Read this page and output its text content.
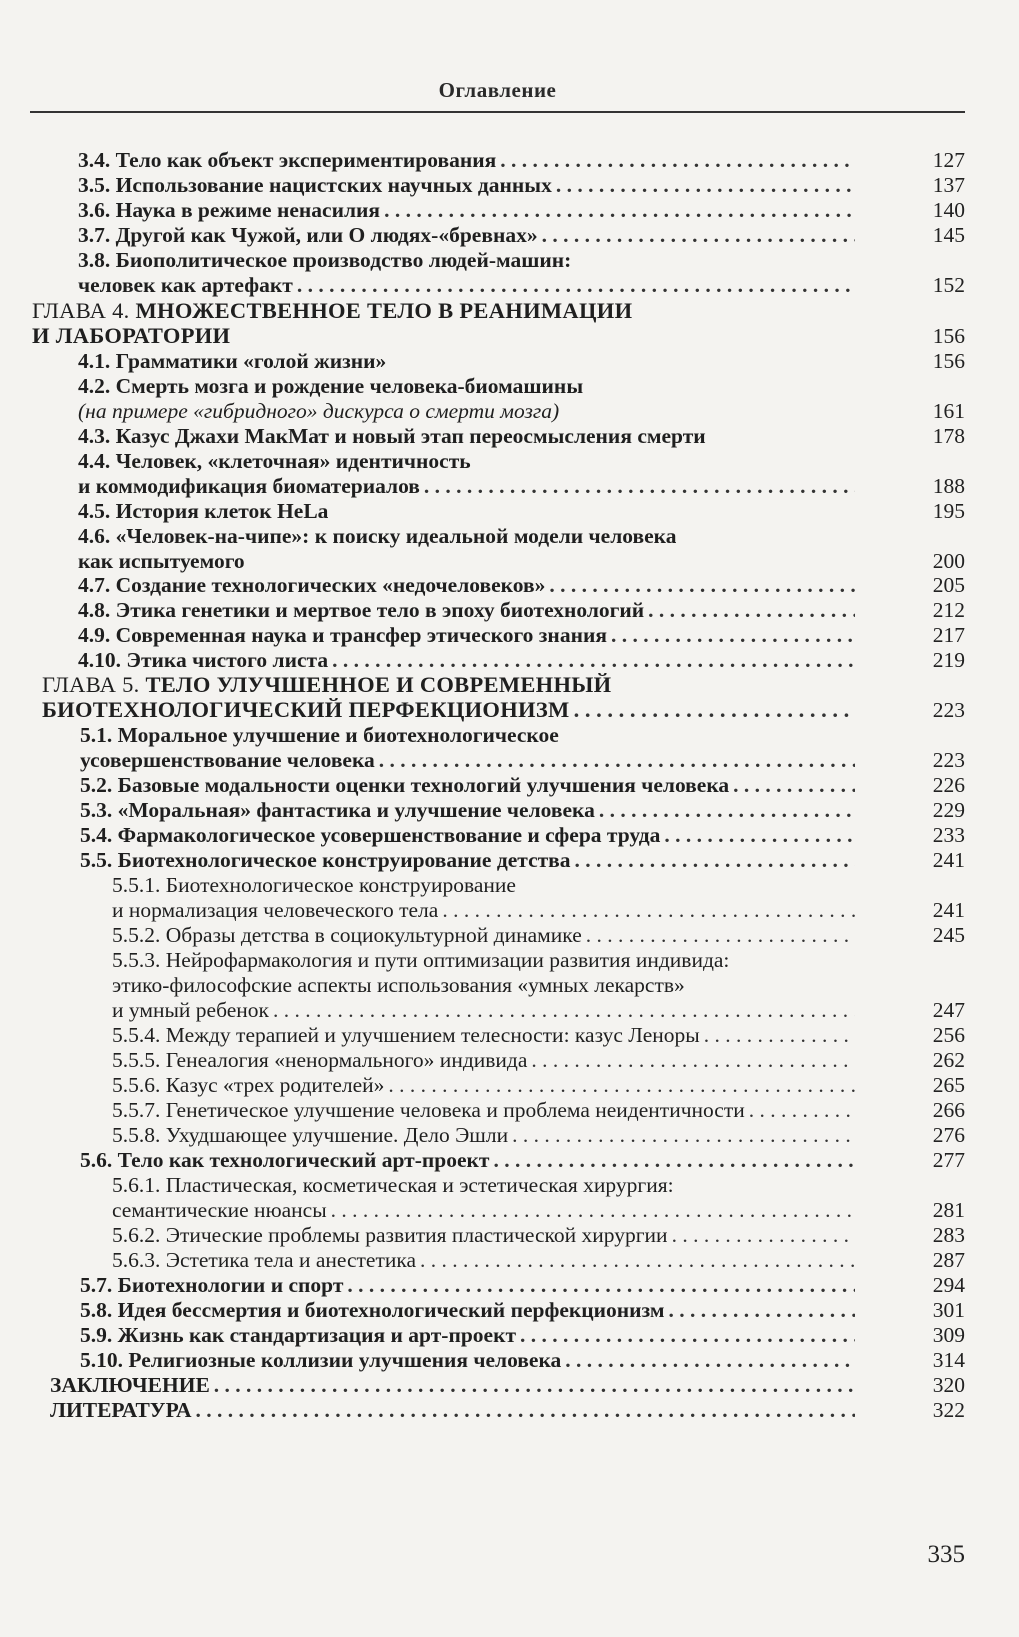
Оглавление
3.4. Тело как объект экспериментирования . . .	127
3.5. Использование нацистских научных данных . . .	137
3.6. Наука в режиме ненасилия . . .	140
3.7. Другой как Чужой, или О людях-«бревнах» . . .	145
3.8. Биополитическое производство людей-машин:
человек как артефакт . . .	152
ГЛАВА 4. МНОЖЕСТВЕННОЕ ТЕЛО В РЕАНИМАЦИИ
И ЛАБОРАТОРИИ	156
4.1. Грамматики «голой жизни»	156
4.2. Смерть мозга и рождение человека-биомашины
(на примере «гибридного» дискурса о смерти мозга)	161
4.3. Казус Джахи МакМат и новый этап переосмысления смерти	178
4.4. Человек, «клеточная» идентичность
и коммодификация биоматериалов . . .	188
4.5. История клеток HeLa	195
4.6. «Человек-на-чипе»: к поиску идеальной модели человека
как испытуемого	200
4.7. Создание технологических «недочеловеков» . . .	205
4.8. Этика генетики и мертвое тело в эпоху биотехнологий . . .	212
4.9. Современная наука и трансфер этического знания . . .	217
4.10. Этика чистого листа . . .	219
ГЛАВА 5. ТЕЛО УЛУЧШЕННОЕ И СОВРЕМЕННЫЙ
БИОТЕХНОЛОГИЧЕСКИЙ ПЕРФЕКЦИОНИЗМ . . .	223
5.1. Моральное улучшение и биотехнологическое
усовершенствование человека . . .	223
5.2. Базовые модальности оценки технологий улучшения человека . . .	226
5.3. «Моральная» фантастика и улучшение человека . . .	229
5.4. Фармакологическое усовершенствование и сфера труда . . .	233
5.5. Биотехнологическое конструирование детства . . .	241
5.5.1. Биотехнологическое конструирование
и нормализация человеческого тела . . .	241
5.5.2. Образы детства в социокультурной динамике . . .	245
5.5.3. Нейрофармакология и пути оптимизации развития индивида:
этико-философские аспекты использования «умных лекарств»
и умный ребенок . . .	247
5.5.4. Между терапией и улучшением телесности: казус Леноры . . .	256
5.5.5. Генеалогия «ненормального» индивида . . .	262
5.5.6. Казус «трех родителей» . . .	265
5.5.7. Генетическое улучшение человека и проблема неидентичности . . .	266
5.5.8. Ухудшающее улучшение. Дело Эшли . . .	276
5.6. Тело как технологический арт-проект . . .	277
5.6.1. Пластическая, косметическая и эстетическая хирургия:
семантические нюансы . . .	281
5.6.2. Этические проблемы развития пластической хирургии . . .	283
5.6.3. Эстетика тела и анестетика . . .	287
5.7. Биотехнологии и спорт . . .	294
5.8. Идея бессмертия и биотехнологический перфекционизм . . .	301
5.9. Жизнь как стандартизация и арт-проект . . .	309
5.10. Религиозные коллизии улучшения человека . . .	314
ЗАКЛЮЧЕНИЕ . . .	320
ЛИТЕРАТУРА . . .	322
335
